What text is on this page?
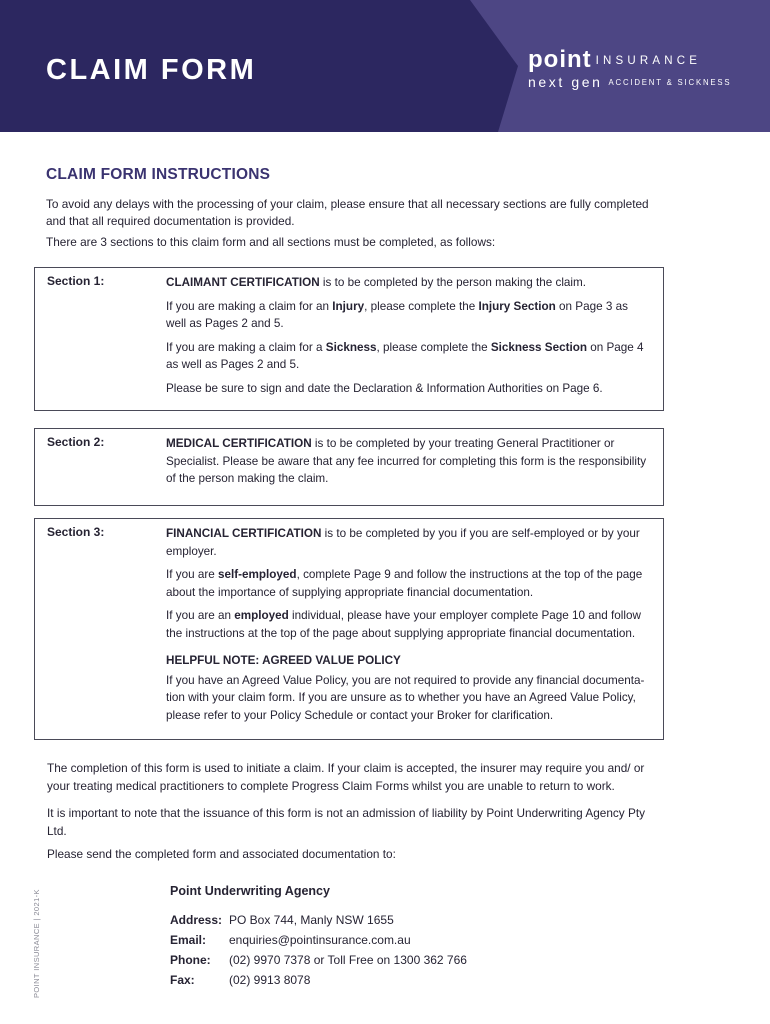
CLAIM FORM	point INSURANCE
next gen ACCIDENT & SICKNESS
CLAIM FORM INSTRUCTIONS

To avoid any delays with the processing of your claim, please ensure that all necessary sections are fully completed and that all required documentation is provided.

There are 3 sections to this claim form and all sections must be completed, as follows:

Section 1:	CLAIMANT CERTIFICATION is to be completed by the person making the claim.

If you are making a claim for an Injury, please complete the Injury Section on Page 3 as well as Pages 2 and 5.

If you are making a claim for a Sickness, please complete the Sickness Section on Page 4 as well as Pages 2 and 5.

Please be sure to sign and date the Declaration & Information Authorities on Page 6.

Section 2:	MEDICAL CERTIFICATION is to be completed by your treating General Practitioner or Specialist. Please be aware that any fee incurred for completing this form is the responsibility of the person making the claim.

Section 3:	FINANCIAL CERTIFICATION is to be completed by you if you are self-employed or by your employer.

If you are self-employed, complete Page 9 and follow the instructions at the top of the page about the importance of supplying appropriate financial documentation.

If you are an employed individual, please have your employer complete Page 10 and follow the instructions at the top of the page about supplying appropriate financial documentation.

HELPFUL NOTE: AGREED VALUE POLICY

If you have an Agreed Value Policy, you are not required to provide any financial documenta-tion with your claim form. If you are unsure as to whether you have an Agreed Value Policy, please refer to your Policy Schedule or contact your Broker for clarification.

The completion of this form is used to initiate a claim. If your claim is accepted, the insurer may require you and/ or your treating medical practitioners to complete Progress Claim Forms whilst you are unable to return to work.

It is important to note that the issuance of this form is not an admission of liability by Point Underwriting Agency Pty Ltd.

Please send the completed form and associated documentation to:

Point Underwriting Agency
Address: PO Box 744, Manly NSW 1655
Email:	enquiries@pointinsurance.com.au
Phone:	(02) 9970 7378 or Toll Free on 1300 362 766
Fax:	(02) 9913 8078
POINT INSURANCE | 2021-K
